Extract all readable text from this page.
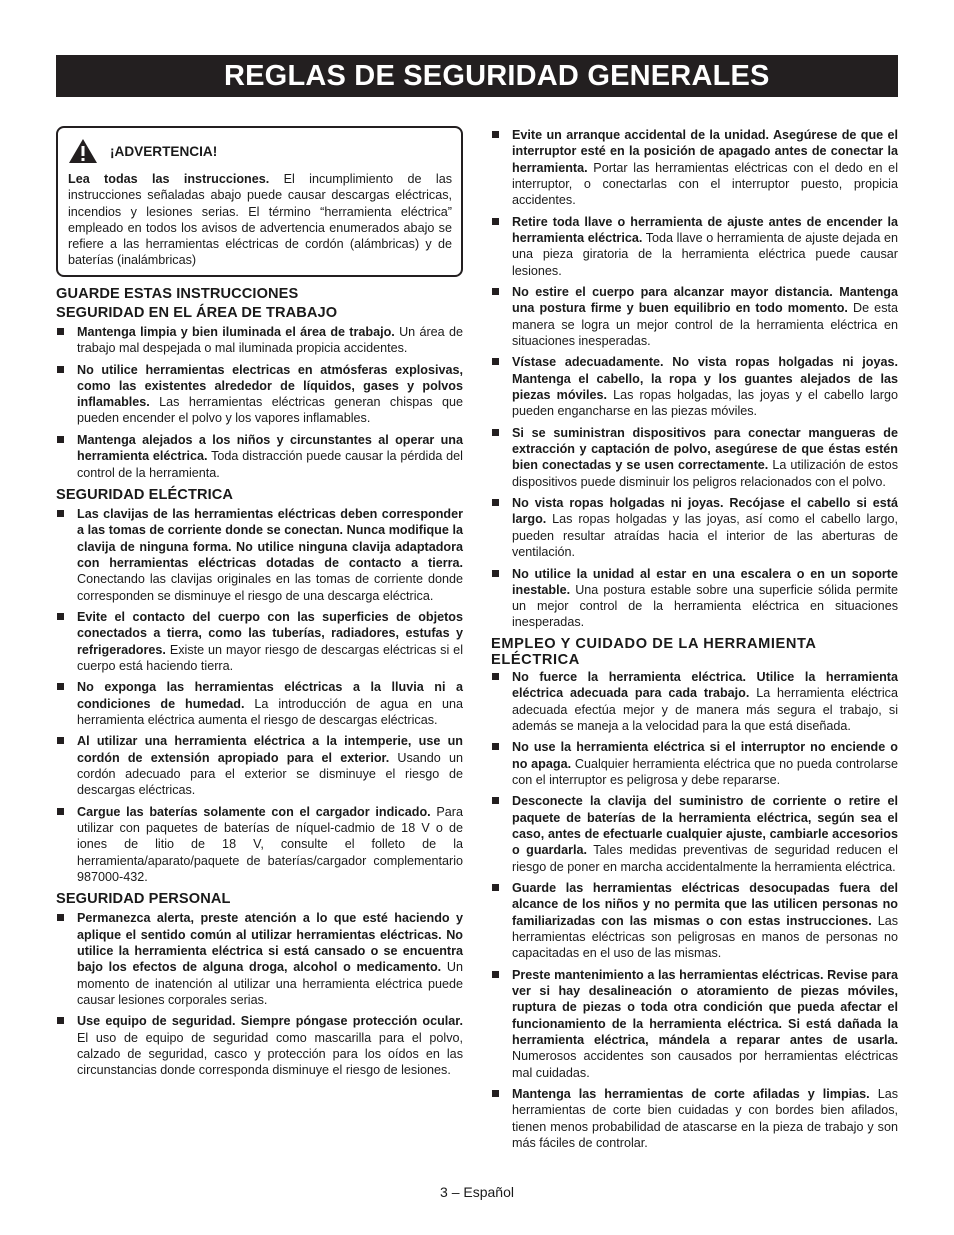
REGLAS DE SEGURIDAD GENERALES
¡ADVERTENCIA!

Lea todas las instrucciones. El incumplimiento de las instrucciones señaladas abajo puede causar descargas eléctricas, incendios y lesiones serias. El término “herramienta eléctrica” empleado en todos los avisos de advertencia enumerados abajo se refiere a las herramientas eléctricas de cordón (alámbricas) y de baterías (inalámbricas)

GUARDE ESTAS INSTRUCCIONES
SEGURIDAD EN EL ÁREA DE TRABAJO
Mantenga limpia y bien iluminada el área de trabajo. Un área de trabajo mal despejada o mal iluminada propicia accidentes.
No utilice herramientas electricas en atmósferas explosivas, como las existentes alrededor de líquidos, gases y polvos inflamables. Las herramientas eléctricas generan chispas que pueden encender el polvo y los vapores inflamables.
Mantenga alejados a los niños y circunstantes al operar una herramienta eléctrica. Toda distracción puede causar la pérdida del control de la herramienta.
SEGURIDAD ELÉCTRICA
Las clavijas de las herramientas eléctricas deben corresponder a las tomas de corriente donde se conectan. Nunca modifique la clavija de ninguna forma. No utilice ninguna clavija adaptadora con herramientas eléctricas dotadas de contacto a tierra. Conectando las clavijas originales en las tomas de corriente donde corresponden se disminuye el riesgo de una descarga eléctrica.
Evite el contacto del cuerpo con las superficies de objetos conectados a tierra, como las tuberías, radiadores, estufas y refrigeradores. Existe un mayor riesgo de descargas eléctricas si el cuerpo está haciendo tierra.
No exponga las herramientas eléctricas a la lluvia ni a condiciones de humedad. La introducción de agua en una herramienta eléctrica aumenta el riesgo de descargas eléctricas.
Al utilizar una herramienta eléctrica a la intemperie, use un cordón de extensión apropiado para el exterior. Usando un cordón adecuado para el exterior se disminuye el riesgo de descargas eléctricas.
Cargue las baterías solamente con el cargador indicado. Para utilizar con paquetes de baterías de níquel-cadmio de 18 V o de iones de litio de 18 V, consulte el folleto de la herramienta/aparato/paquete de baterías/cargador complementario 987000-432.
SEGURIDAD PERSONAL
Permanezca alerta, preste atención a lo que esté haciendo y aplique el sentido común al utilizar herramientas eléctricas. No utilice la herramienta eléctrica si está cansado o se encuentra bajo los efectos de alguna droga, alcohol o medicamento. Un momento de inatención al utilizar una herramienta eléctrica puede causar lesiones corporales serias.
Use equipo de seguridad. Siempre póngase protección ocular. El uso de equipo de seguridad como mascarilla para el polvo, calzado de seguridad, casco y protección para los oídos en las circunstancias donde corresponda disminuye el riesgo de lesiones.
Evite un arranque accidental de la unidad. Asegúrese de que el interruptor esté en la posición de apagado antes de conectar la herramienta. Portar las herramientas eléctricas con el dedo en el interruptor, o conectarlas con el interruptor puesto, propicia accidentes.
Retire toda llave o herramienta de ajuste antes de encender la herramienta eléctrica. Toda llave o herramienta de ajuste dejada en una pieza giratoria de la herramienta eléctrica puede causar lesiones.
No estire el cuerpo para alcanzar mayor distancia. Mantenga una postura firme y buen equilibrio en todo momento. De esta manera se logra un mejor control de la herramienta eléctrica en situaciones inesperadas.
Vístase adecuadamente. No vista ropas holgadas ni joyas. Mantenga el cabello, la ropa y los guantes alejados de las piezas móviles. Las ropas holgadas, las joyas y el cabello largo pueden engancharse en las piezas móviles.
Si se suministran dispositivos para conectar mangueras de extracción y captación de polvo, asegúrese de que éstas estén bien conectadas y se usen correctamente. La utilización de estos dispositivos puede disminuir los peligros relacionados con el polvo.
No vista ropas holgadas ni joyas. Recójase el cabello si está largo. Las ropas holgadas y las joyas, así como el cabello largo, pueden resultar atraídas hacia el interior de las aberturas de ventilación.
No utilice la unidad al estar en una escalera o en un soporte inestable. Una postura estable sobre una superficie sólida permite un mejor control de la herramienta eléctrica en situaciones inesperadas.
EMPLEO Y CUIDADO DE LA HERRAMIENTA ELÉCTRICA
No fuerce la herramienta eléctrica. Utilice la herramienta eléctrica adecuada para cada trabajo. La herramienta eléctrica adecuada efectúa mejor y de manera más segura el trabajo, si además se maneja a la velocidad para la que está diseñada.
No use la herramienta eléctrica si el interruptor no enciende o no apaga. Cualquier herramienta eléctrica que no pueda controlarse con el interruptor es peligrosa y debe repararse.
Desconecte la clavija del suministro de corriente o retire el paquete de baterías de la herramienta eléctrica, según sea el caso, antes de efectuarle cualquier ajuste, cambiarle accesorios o guardarla. Tales medidas preventivas de seguridad reducen el riesgo de poner en marcha accidentalmente la herramienta eléctrica.
Guarde las herramientas eléctricas desocupadas fuera del alcance de los niños y no permita que las utilicen personas no familiarizadas con las mismas o con estas instrucciones. Las herramientas eléctricas son peligrosas en manos de personas no capacitadas en el uso de las mismas.
Preste mantenimiento a las herramientas eléctricas. Revise para ver si hay desalineación o atoramiento de piezas móviles, ruptura de piezas o toda otra condición que pueda afectar el funcionamiento de la herramienta eléctrica. Si está dañada la herramienta eléctrica, mándela a reparar antes de usarla. Numerosos accidentes son causados por herramientas eléctricas mal cuidadas.
Mantenga las herramientas de corte afiladas y limpias. Las herramientas de corte bien cuidadas y con bordes bien afilados, tienen menos probabilidad de atascarse en la pieza de trabajo y son más fáciles de controlar.
3 – Español
